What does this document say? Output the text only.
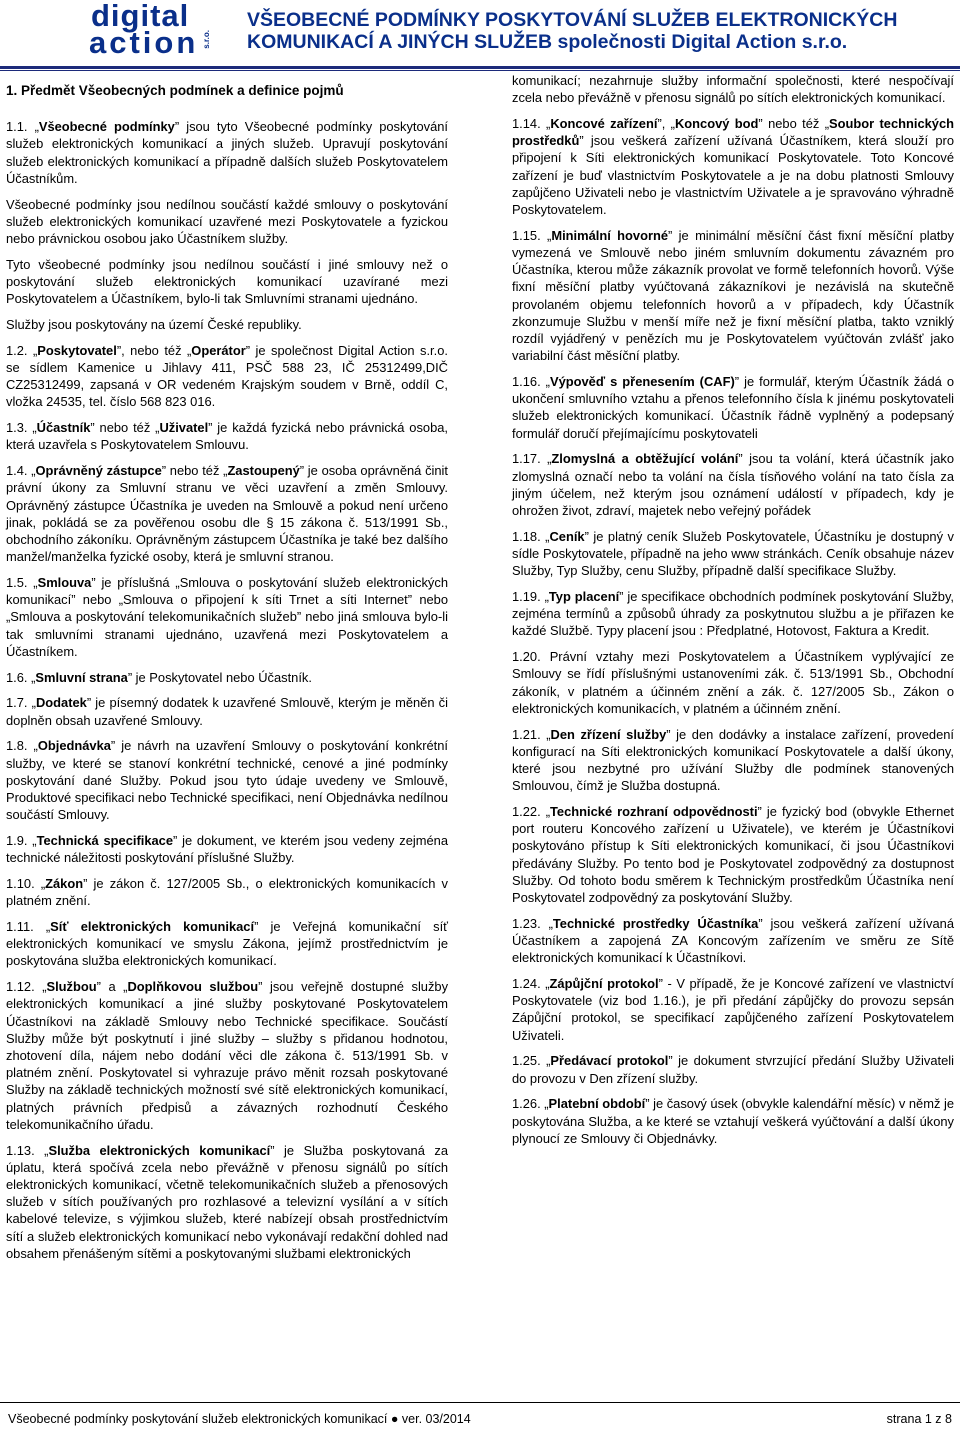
digital
action s.r.o.
VŠEOBECNÉ PODMÍNKY POSKYTOVÁNÍ SLUŽEB ELEKTRONICKÝCH
KOMUNIKACÍ A JINÝCH SLUŽEB společnosti Digital Action s.r.o.

1. Předmět Všeobecných podmínek a definice pojmů

1.1. „Všeobecné podmínky” jsou tyto Všeobecné podmínky poskytování služeb elektronických komunikací a jiných služeb. Upravují poskytování služeb elektronických komunikací a případně dalších služeb Poskytovatelem Účastníkům.

Všeobecné podmínky jsou nedílnou součástí každé smlouvy o poskytování služeb elektronických komunikací uzavřené mezi Poskytovatele a fyzickou nebo právnickou osobou jako Účastníkem služby.

Tyto všeobecné podmínky jsou nedílnou součástí i jiné smlouvy než o poskytování služeb elektronických komunikací uzavírané mezi Poskytovatelem a Účastníkem, bylo-li tak Smluvními stranami ujednáno.

Služby jsou poskytovány na území České republiky.

1.2. „Poskytovatel”, nebo též „Operátor” je společnost Digital Action s.r.o. se sídlem Kamenice u Jihlavy 411, PSČ 588 23, IČ 25312499,DIČ CZ25312499, zapsaná v OR vedeném Krajským soudem v Brně, oddíl C, vložka 24535, tel. číslo 568 823 016.

1.3. „Účastník” nebo též „Uživatel” je každá fyzická nebo právnická osoba, která uzavřela s Poskytovatelem Smlouvu.

1.4. „Oprávněný zástupce” nebo též „Zastoupený” je osoba oprávněná činit právní úkony za Smluvní stranu ve věci uzavření a změn Smlouvy. Oprávněný zástupce Účastníka je uveden na Smlouvě a pokud není určeno jinak, pokládá se za pověřenou osobu dle § 15 zákona č. 513/1991 Sb., obchodního zákoníku. Oprávněným zástupcem Účastníka je také bez dalšího manžel/manželka fyzické osoby, která je smluvní stranou.

1.5. „Smlouva” je příslušná „Smlouva o poskytování služeb elektronických komunikací” nebo „Smlouva o připojení k síti Trnet a síti Internet” nebo „Smlouva a poskytování telekomunikačních služeb” nebo jiná smlouva bylo-li tak smluvními stranami ujednáno, uzavřená mezi Poskytovatelem a Účastníkem.

1.6. „Smluvní strana” je Poskytovatel nebo Účastník.

1.7. „Dodatek” je písemný dodatek k uzavřené Smlouvě, kterým je měněn či doplněn obsah uzavřené Smlouvy.

1.8. „Objednávka” je návrh na uzavření Smlouvy o poskytování konkrétní služby, ve které se stanoví konkrétní technické, cenové a jiné podmínky poskytování dané Služby. Pokud jsou tyto údaje uvedeny ve Smlouvě, Produktové specifikaci nebo Technické specifikaci, není Objednávka nedílnou součástí Smlouvy.

1.9. „Technická specifikace” je dokument, ve kterém jsou vedeny zejména technické náležitosti poskytování příslušné Služby.

1.10. „Zákon” je zákon č. 127/2005 Sb., o elektronických komunikacích v platném znění.

1.11. „Síť elektronických komunikací” je Veřejná komunikační síť elektronických komunikací ve smyslu Zákona, jejímž prostřednictvím je poskytována služba elektronických komunikací.

1.12. „Službou” a „Doplňkovou službou” jsou veřejně dostupné služby elektronických komunikací a jiné služby poskytované Poskytovatelem Účastníkovi na základě Smlouvy nebo Technické specifikace. Součástí Služby může být poskytnutí i jiné služby – služby s přidanou hodnotou, zhotovení díla, nájem nebo dodání věci dle zákona č. 513/1991 Sb. v platném znění. Poskytovatel si vyhrazuje právo měnit rozsah poskytované Služby na základě technických možností své sítě elektronických komunikací, platných právních předpisů a závazných rozhodnutí Českého telekomunikačního úřadu.

1.13. „Služba elektronických komunikací” je Služba poskytovaná za úplatu, která spočívá zcela nebo převážně v přenosu signálů po sítích elektronických komunikací, včetně telekomunikačních služeb a přenosových služeb v sítích používaných pro rozhlasové a televizní vysílání a v sítích kabelové televize, s výjimkou služeb, které nabízejí obsah prostřednictvím sítí a služeb elektronických komunikací nebo vykonávají redakční dohled nad obsahem přenášeným sítěmi a poskytovanými službami elektronických

komunikací; nezahrnuje služby informační společnosti, které nespočívají zcela nebo převážně v přenosu signálů po sítích elektronických komunikací.

1.14. „Koncové zařízení”, „Koncový bod” nebo též „Soubor technických prostředků” jsou veškerá zařízení užívaná Účastníkem, která slouží pro připojení k Síti elektronických komunikací Poskytovatele. Toto Koncové zařízení je buď vlastnictvím Poskytovatele a je na dobu platnosti Smlouvy zapůjčeno Uživateli nebo je vlastnictvím Uživatele a je spravováno výhradně Poskytovatelem.

1.15. „Minimální hovorné” je minimální měsíční část fixní měsíční platby vymezená ve Smlouvě nebo jiném smluvním dokumentu závazném pro Účastníka, kterou může zákazník provolat ve formě telefonních hovorů. Výše fixní měsíční platby vyúčtovaná zákazníkovi je nezávislá na skutečně provolaném objemu telefonních hovorů a v případech, kdy Účastník zkonzumuje Službu v menší míře než je fixní měsíční platba, takto vzniklý rozdíl vyjádřený v penězích mu je Poskytovatelem vyúčtován zvlášť jako variabilní část měsíční platby.

1.16. „Výpověď s přenesením (CAF)” je formulář, kterým Účastník žádá o ukončení smluvního vztahu a přenos telefonního čísla k jinému poskytovateli služeb elektronických komunikací. Účastník řádně vyplněný a podepsaný formulář doručí přejímajícímu poskytovateli

1.17. „Zlomyslná a obtěžující volání” jsou ta volání, která účastník jako zlomyslná označí nebo ta volání na čísla tísňového volání na tato čísla za jiným účelem, než kterým jsou oznámení událostí v případech, kdy je ohrožen život, zdraví, majetek nebo veřejný pořádek

1.18. „Ceník” je platný ceník Služeb Poskytovatele, Účastníku je dostupný v sídle Poskytovatele, případně na jeho www stránkách. Ceník obsahuje název Služby, Typ Služby, cenu Služby, případně další specifikace Služby.

1.19. „Typ placení” je specifikace obchodních podmínek poskytování Služby, zejména termínů a způsobů úhrady za poskytnutou službu a je přiřazen ke každé Službě. Typy placení jsou : Předplatné, Hotovost, Faktura a Kredit.

1.20. Právní vztahy mezi Poskytovatelem a Účastníkem vyplývající ze Smlouvy se řídí příslušnými ustanoveními zák. č. 513/1991 Sb., Obchodní zákoník, v platném a účinném znění a zák. č. 127/2005 Sb., Zákon o elektronických komunikacích, v platném a účinném znění.

1.21. „Den zřízení služby” je den dodávky a instalace zařízení, provedení konfigurací na Síti elektronických komunikací Poskytovatele a další úkony, které jsou nezbytné pro užívání Služby dle podmínek stanovených Smlouvou, čímž je Služba dostupná.

1.22. „Technické rozhraní odpovědnosti” je fyzický bod (obvykle Ethernet port routeru Koncového zařízení u Uživatele), ve kterém je Účastníkovi poskytováno přístup k Síti elektronických komunikací, či jsou Účastníkovi předávány Služby. Po tento bod je Poskytovatel zodpovědný za dostupnost Služby. Od tohoto bodu směrem k Technickým prostředkům Účastníka není Poskytovatel zodpovědný za poskytování Služby.

1.23. „Technické prostředky Účastníka” jsou veškerá zařízení užívaná Účastníkem a zapojená ZA Koncovým zařízením ve směru ze Sítě elektronických komunikací k Účastníkovi.

1.24. „Zápůjční protokol” - V případě, že je Koncové zařízení ve vlastnictví Poskytovatele (viz bod 1.16.), je při předání zápůjčky do provozu sepsán Zápůjční protokol, se specifikací zapůjčeného zařízení Poskytovatelem Uživateli.

1.25. „Předávací protokol” je dokument stvrzující předání Služby Uživateli do provozu v Den zřízení služby.

1.26. „Platební období” je časový úsek (obvykle kalendářní měsíc) v němž je poskytována Služba, a ke které se vztahují veškerá vyúčtování a další úkony plynoucí ze Smlouvy či Objednávky.

Všeobecné podmínky poskytování služeb elektronických komunikací ● ver. 03/2014	strana 1 z 8
